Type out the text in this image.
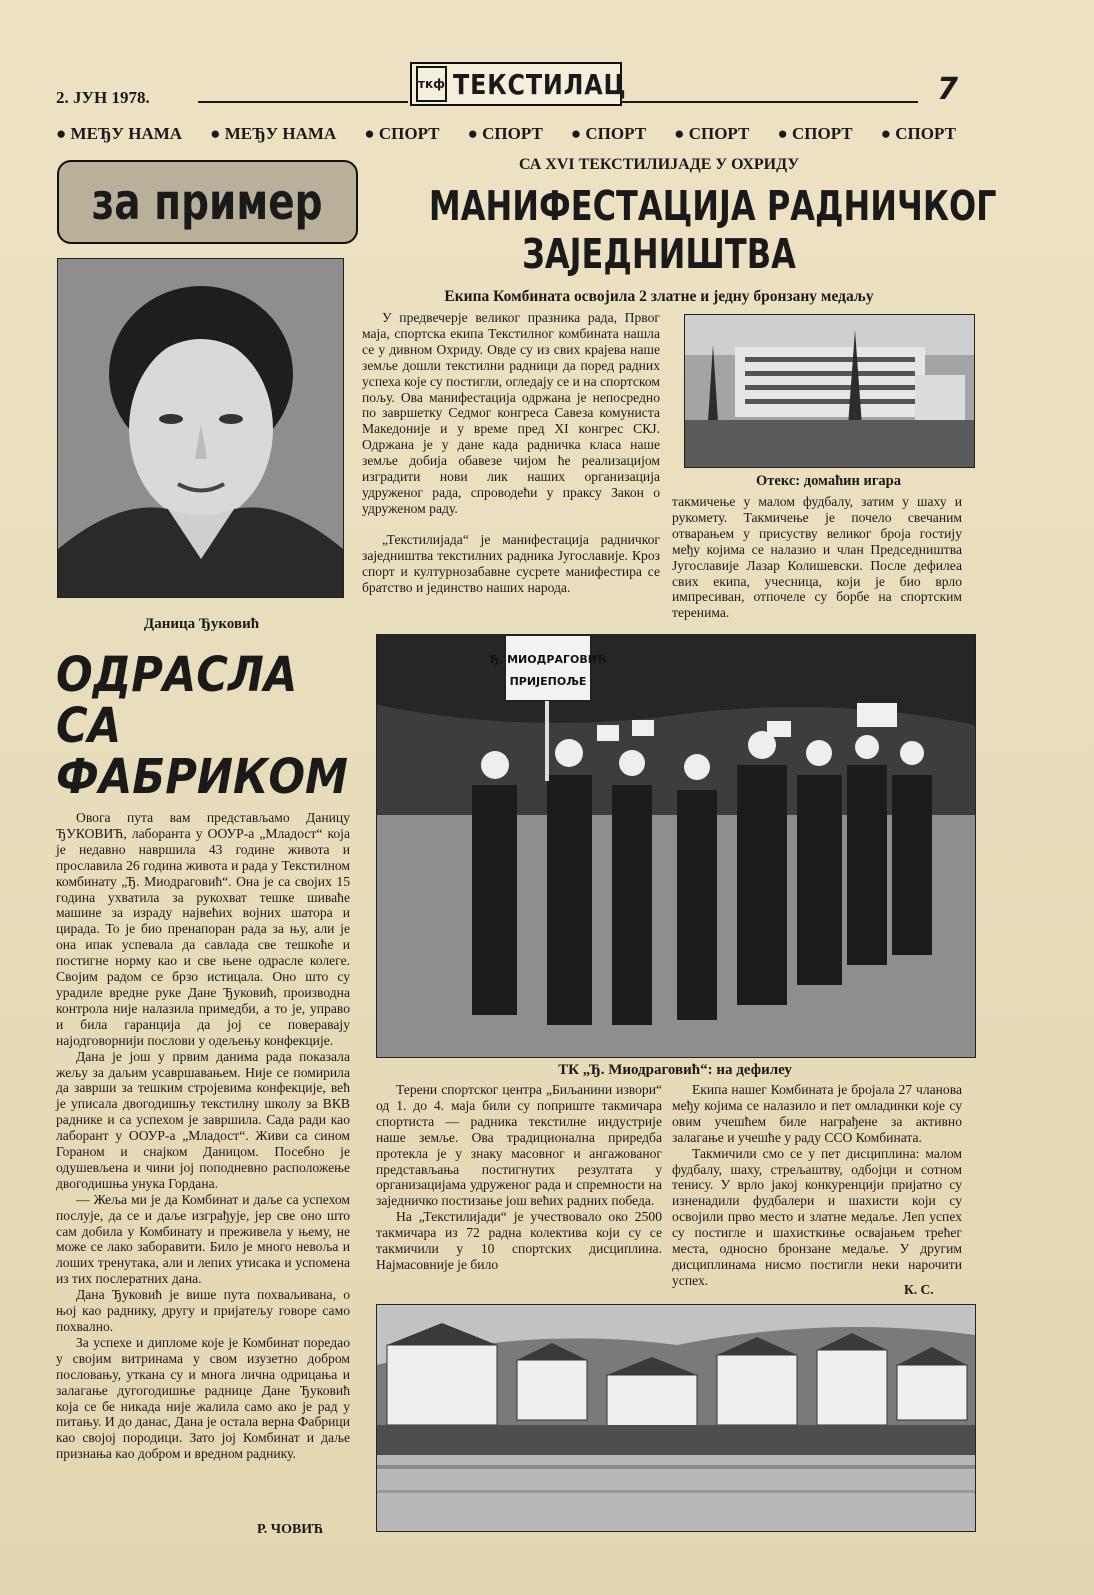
2. ЈУН 1978.
ткф ТЕКСТИЛАЦ	7
● МЕЂУ НАМА	● МЕЂУ НАМА	● СПОРТ	● СПОРТ	● СПОРТ	● СПОРТ	● СПОРТ	● СПОРТ
за пример
Даница Ђуковић
ОДРАСЛА
СА
ФАБРИКОМ

Овога пута вам представљамо Даницу ЂУКОВИЋ, лаборанта у ООУР-а „Младост“ која је недавно навршила 43 године живота и прославила 26 година живота и рада у Текстилном комбинату „Ђ. Миодраговић“. Она је са својих 15 година ухватила за рукохват тешке шиваће машине за израду највећих војних шатора и цирада. То је био пренапоран рада за њу, али је она ипак успевала да савлада све тешкоће и постигне норму као и све њене одрасле колеге. Својим радом се брзо истицала. Оно што су урадиле вредне руке Дане Ђуковић, производна контрола није налазила примедби, а то је, управо и била гаранција да јој се поверавају најодговорнији послови у одељењу конфекције.

Дана је још у првим данима рада показала жељу за даљим усавршавањем. Није се помирила да заврши за тешким стројевима конфекције, већ је уписала двогодишњу текстилну школу за ВКВ раднике и са успехом је завршила. Сада ради као лаборант у ООУР-а „Младост“. Живи са сином Гораном и снајком Даницом. Посебно је одушевљена и чини јој поподневно расположење двогодишња унука Гордана.

— Жеља ми је да Комбинат и даље са успехом послује, да се и даље изграђује, јер све оно што сам добила у Комбинату и преживела у њему, не може се лако заборавити. Било је много невоља и лоших тренутака, али и лепих утисака и успомена из тих послератних дана.

Дана Ђуковић је више пута похваљивана, о њој као раднику, другу и пријатељу говоре само похвално.

За успехе и дипломе које је Комбинат поредао у својим витринама у свом изузетно добром пословању, уткана су и многа лична одрицања и залагање дугогодишње раднице Дане Ђуковић која се бе никада није жалила само ако је рад у питању. И до данас, Дана је остала верна Фабрици као својој породици. Зато јој Комбинат и даље признања као добром и вредном раднику.

Р. ЧОВИЋ
СА XVI ТЕКСТИЛИЈАДЕ У ОХРИДУ
МАНИФЕСТАЦИЈА РАДНИЧКОГ
ЗАЈЕДНИШТВА
Екипа Комбината освојила 2 златне и једну бронзану медаљу

У предвечерје великог празника рада, Првог маја, спортска екипа Текстилног комбината нашла се у дивном Охриду. Овде су из свих крајева наше земље дошли текстилни радници да поред радних успеха које су постигли, огледају се и на спортском пољу. Ова манифестација одржана је непосредно по завршетку Седмог конгреса Савеза комуниста Македоније и у време пред XI конгрес СКЈ. Одржана је у дане када радничка класа наше земље добија обавезе чијом ће реализацијом изградити нови лик наших организација удруженог рада, спроводећи у праксу Закон о удруженом раду.

„Текстилијада“ је манифестација радничког заједништва текстилних радника Југославије. Кроз спорт и културнозабавне сусрете манифестира се братство и јединство наших народа.

Отекс: домаћин игара

такмичење у малом фудбалу, затим у шаху и рукомету. Такмичење је почело свечаним отварањем у присуству великог броја гостију међу којима се налазио и члан Председништва Југославије Лазар Колишевски. После дефилеа свих екипа, учесница, који је био врло импресиван, отпочеле су борбе на спортским теренима.

Ђ. МИОДРАГОВИЋ
ПРИЈЕПОЉЕ
ТК „Ђ. Миодраговић“: на дефилеу

Терени спортског центра „Биљанини извори“ од 1. до 4. маја били су поприште такмичара спортиста — радника текстилне индустрије наше земље. Ова традиционална приредба протекла је у знаку масовног и ангажованог представљања постигнутих резултата у организацијама удруженог рада и спремности на заједничко постизање још већих радних победа.

На „Текстилијади“ је учествовало око 2500 такмичара из 72 радна колектива који су се такмичили у 10 спортских дисциплина. Најмасовније је било

Екипа нашег Комбината је бројала 27 чланова међу којима се налазило и пет омладинки које су овим учешћем биле награђене за активно залагање и учешће у раду ССО Комбината.

Такмичили смо се у пет дисциплина: малом фудбалу, шаху, стрељаштву, одбојци и сотном тенису. У врло јакој конкуренцији пријатно су изненадили фудбалери и шахисти који су освојили прво место и златне медаље. Леп успех су постигле и шахисткиње освајањем трећег места, односно бронзане медаље. У другим дисциплинама нисмо постигли неки нарочити успех.

К. С.
